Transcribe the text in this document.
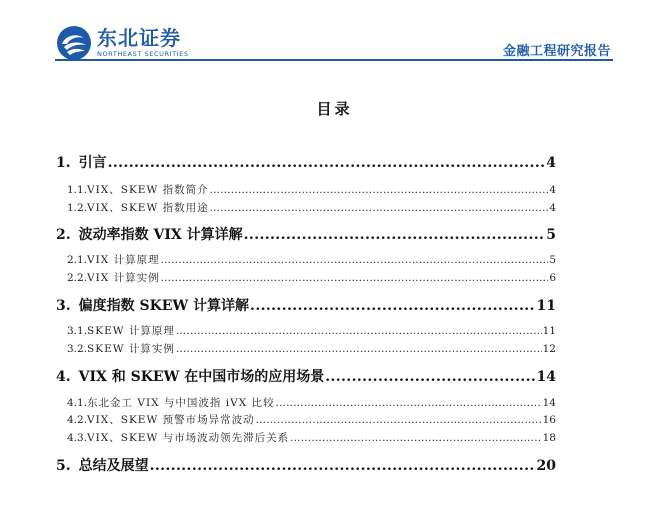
东北证券
NORTHEAST SECURITIES	金融工程研究报告
目录
1. 引言 .....	4
1.1. VIX、SKEW 指数简介 .....	4
1.2. VIX、SKEW 指数用途 .....	4
2. 波动率指数 VIX 计算详解 .....	5
2.1. VIX 计算原理 .....	5
2.2. VIX 计算实例 .....	6
3. 偏度指数 SKEW 计算详解 .....	11
3.1. SKEW 计算原理 .....	11
3.2. SKEW 计算实例 .....	12
4. VIX 和 SKEW 在中国市场的应用场景 .....	14
4.1. 东北金工 VIX 与中国波指 iVX 比较 .....	14
4.2. VIX、SKEW 预警市场异常波动 .....	16
4.3. VIX、SKEW 与市场波动领先滞后关系 .....	18
5. 总结及展望 .....	20
